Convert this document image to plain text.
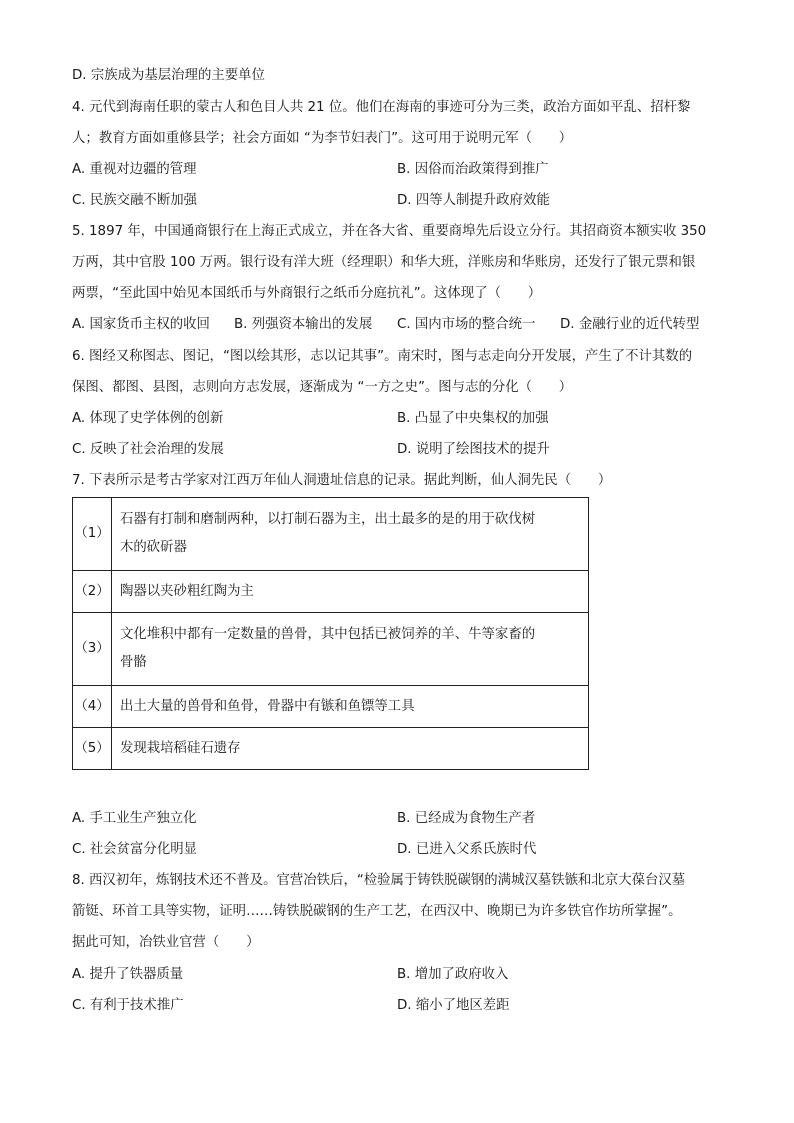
D. 宗族成为基层治理的主要单位
4. 元代到海南任职的蒙古人和色目人共 21 位。他们在海南的事迹可分为三类，政治方面如平乱、招杆黎
人；教育方面如重修县学；社会方面如 “为李节妇表门”。这可用于说明元军（　　）
A. 重视对边疆的管理	B. 因俗而治政策得到推广
C. 民族交融不断加强	D. 四等人制提升政府效能
5. 1897 年，中国通商银行在上海正式成立，并在各大省、重要商埠先后设立分行。其招商资本额实收 350
万两，其中官股 100 万两。银行设有洋大班（经理职）和华大班，洋账房和华账房，还发行了银元票和银
两票，“至此国中始见本国纸币与外商银行之纸币分庭抗礼”。这体现了（　　）
A. 国家货币主权的收回 B. 列强资本输出的发展 C. 国内市场的整合统一 D. 金融行业的近代转型
6. 图经又称图志、图记，“图以绘其形，志以记其事”。南宋时，图与志走向分开发展，产生了不计其数的
保图、都图、县图，志则向方志发展，逐渐成为 “一方之史”。图与志的分化（　　）
A. 体现了史学体例的创新	B. 凸显了中央集权的加强
C. 反映了社会治理的发展	D. 说明了绘图技术的提升
7. 下表所示是考古学家对江西万年仙人洞遗址信息的记录。据此判断，仙人洞先民（　　）
（1）	石器有打制和磨制两种，以打制石器为主，出土最多的是的用于砍伐树
木的砍斫器

（2）	陶器以夹砂粗红陶为主

（3）	文化堆积中都有一定数量的兽骨，其中包括已被饲养的羊、牛等家畜的
骨骼

（4）	出土大量的兽骨和鱼骨，骨器中有镞和鱼镖等工具

（5）	发现栽培稻硅石遗存
A. 手工业生产独立化	B. 已经成为食物生产者
C. 社会贫富分化明显	D. 已进入父系氏族时代
8. 西汉初年，炼钢技术还不普及。官营冶铁后，“检验属于铸铁脱碳钢的满城汉墓铁镞和北京大葆台汉墓
箭铤、环首工具等实物，证明……铸铁脱碳钢的生产工艺，在西汉中、晚期已为许多铁官作坊所掌握”。
据此可知，冶铁业官营（　　）
A. 提升了铁器质量	B. 增加了政府收入
C. 有利于技术推广	D. 缩小了地区差距
